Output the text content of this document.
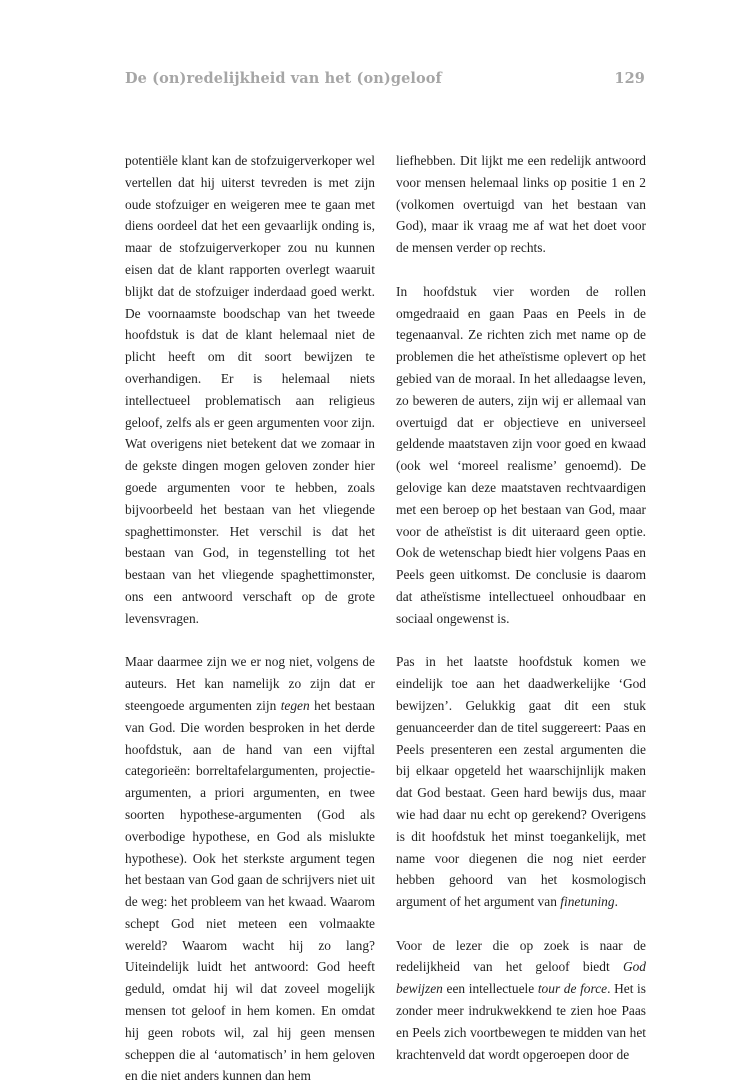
De (on)redelijkheid van het (on)geloof	129

potentiële klant kan de stofzuigerverkoper wel vertellen dat hij uiterst tevreden is met zijn oude stofzuiger en weigeren mee te gaan met diens oordeel dat het een gevaarlijk onding is, maar de stofzuigerverkoper zou nu kunnen eisen dat de klant rapporten overlegt waaruit blijkt dat de stofzuiger inderdaad goed werkt. De voornaamste boodschap van het tweede hoofdstuk is dat de klant helemaal niet de plicht heeft om dit soort bewijzen te overhandigen. Er is helemaal niets intellectueel problematisch aan religieus geloof, zelfs als er geen argumenten voor zijn. Wat overigens niet betekent dat we zomaar in de gekste dingen mogen geloven zonder hier goede argumenten voor te hebben, zoals bijvoorbeeld het bestaan van het vliegende spaghettimonster. Het verschil is dat het bestaan van God, in tegenstelling tot het bestaan van het vliegende spaghettimonster, ons een antwoord verschaft op de grote levensvragen.

Maar daarmee zijn we er nog niet, volgens de auteurs. Het kan namelijk zo zijn dat er steengoede argumenten zijn tegen het bestaan van God. Die worden besproken in het derde hoofdstuk, aan de hand van een vijftal categorieën: borreltafelargumenten, projectie-argumenten, a priori argumenten, en twee soorten hypothese-argumenten (God als overbodige hypothese, en God als mislukte hypothese). Ook het sterkste argument tegen het bestaan van God gaan de schrijvers niet uit de weg: het probleem van het kwaad. Waarom schept God niet meteen een volmaakte wereld? Waarom wacht hij zo lang? Uiteindelijk luidt het antwoord: God heeft geduld, omdat hij wil dat zoveel mogelijk mensen tot geloof in hem komen. En omdat hij geen robots wil, zal hij geen mensen scheppen die al ‘automatisch’ in hem geloven en die niet anders kunnen dan hem

liefhebben. Dit lijkt me een redelijk antwoord voor mensen helemaal links op positie 1 en 2 (volkomen overtuigd van het bestaan van God), maar ik vraag me af wat het doet voor de mensen verder op rechts.

In hoofdstuk vier worden de rollen omgedraaid en gaan Paas en Peels in de tegenaanval. Ze richten zich met name op de problemen die het atheïstisme oplevert op het gebied van de moraal. In het alledaagse leven, zo beweren de auters, zijn wij er allemaal van overtuigd dat er objectieve en universeel geldende maatstaven zijn voor goed en kwaad (ook wel ‘moreel realisme’ genoemd). De gelovige kan deze maatstaven rechtvaardigen met een beroep op het bestaan van God, maar voor de atheïstist is dit uiteraard geen optie. Ook de wetenschap biedt hier volgens Paas en Peels geen uitkomst. De conclusie is daarom dat atheïstisme intellectueel onhoudbaar en sociaal ongewenst is.

Pas in het laatste hoofdstuk komen we eindelijk toe aan het daadwerkelijke ‘God bewijzen’. Gelukkig gaat dit een stuk genuanceerder dan de titel suggereert: Paas en Peels presenteren een zestal argumenten die bij elkaar opgeteld het waarschijnlijk maken dat God bestaat. Geen hard bewijs dus, maar wie had daar nu echt op gerekend? Overigens is dit hoofdstuk het minst toegankelijk, met name voor diegenen die nog niet eerder hebben gehoord van het kosmologisch argument of het argument van finetuning.

Voor de lezer die op zoek is naar de redelijkheid van het geloof biedt God bewijzen een intellectuele tour de force. Het is zonder meer indrukwekkend te zien hoe Paas en Peels zich voortbewegen te midden van het krachtenveld dat wordt opgeroepen door de
